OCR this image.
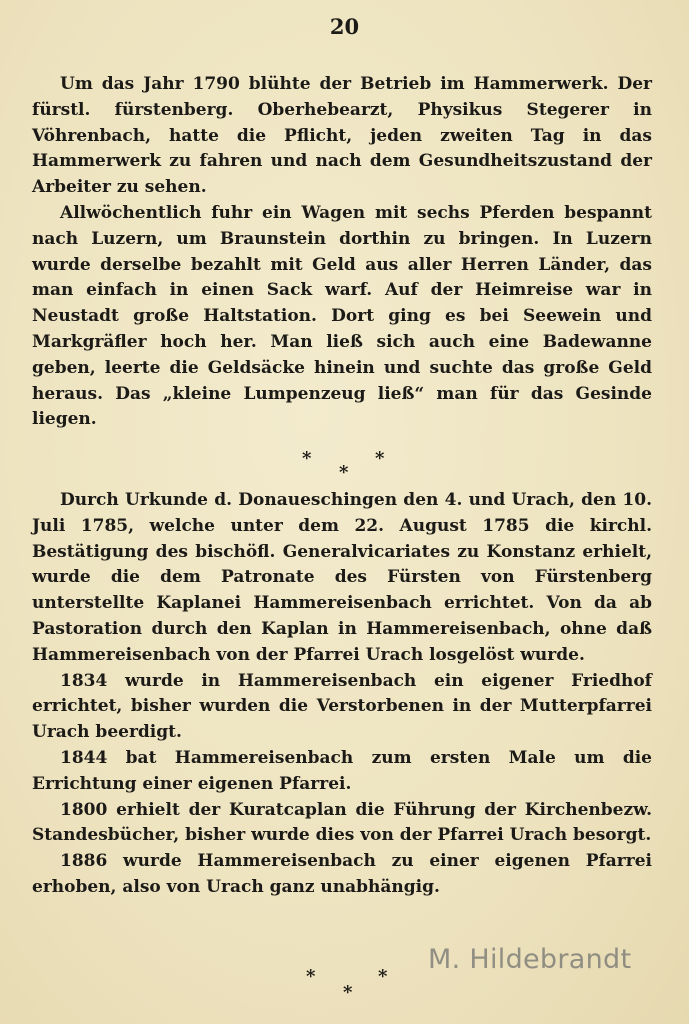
20

Um das Jahr 1790 blühte der Betrieb im Hammerwerk. Der fürstl. fürstenberg. Oberhebearzt, Physikus Stegerer in Vöhrenbach, hatte die Pflicht, jeden zweiten Tag in das Hammerwerk zu fahren und nach dem Gesundheitszustand der Arbeiter zu sehen.

Allwöchentlich fuhr ein Wagen mit sechs Pferden bespannt nach Luzern, um Braunstein dorthin zu bringen. In Luzern wurde derselbe bezahlt mit Geld aus aller Herren Länder, das man einfach in einen Sack warf. Auf der Heimreise war in Neustadt große Haltstation. Dort ging es bei Seewein und Markgräfler hoch her. Man ließ sich auch eine Badewanne geben, leerte die Geldsäcke hinein und suchte das große Geld heraus. Das „kleine Lumpenzeug ließ“ man für das Gesinde liegen.

*	*
*

Durch Urkunde d. Donaueschingen den 4. und Urach, den 10. Juli 1785, welche unter dem 22. August 1785 die kirchl. Bestätigung des bischöfl. Generalvicariates zu Konstanz erhielt, wurde die dem Patronate des Fürsten von Fürstenberg unterstellte Kaplanei Hammereisenbach errichtet. Von da ab Pastoration durch den Kaplan in Hammereisenbach, ohne daß Hammereisenbach von der Pfarrei Urach losgelöst wurde.

1834 wurde in Hammereisenbach ein eigener Friedhof errichtet, bisher wurden die Verstorbenen in der Mutterpfarrei Urach beerdigt.

1844 bat Hammereisenbach zum ersten Male um die Errichtung einer eigenen Pfarrei.

1800 erhielt der Kuratcaplan die Führung der Kirchenbezw. Standesbücher, bisher wurde dies von der Pfarrei Urach besorgt.

1886 wurde Hammereisenbach zu einer eigenen Pfarrei erhoben, also von Urach ganz unabhängig.

*	*
*
M. Hildebrandt
